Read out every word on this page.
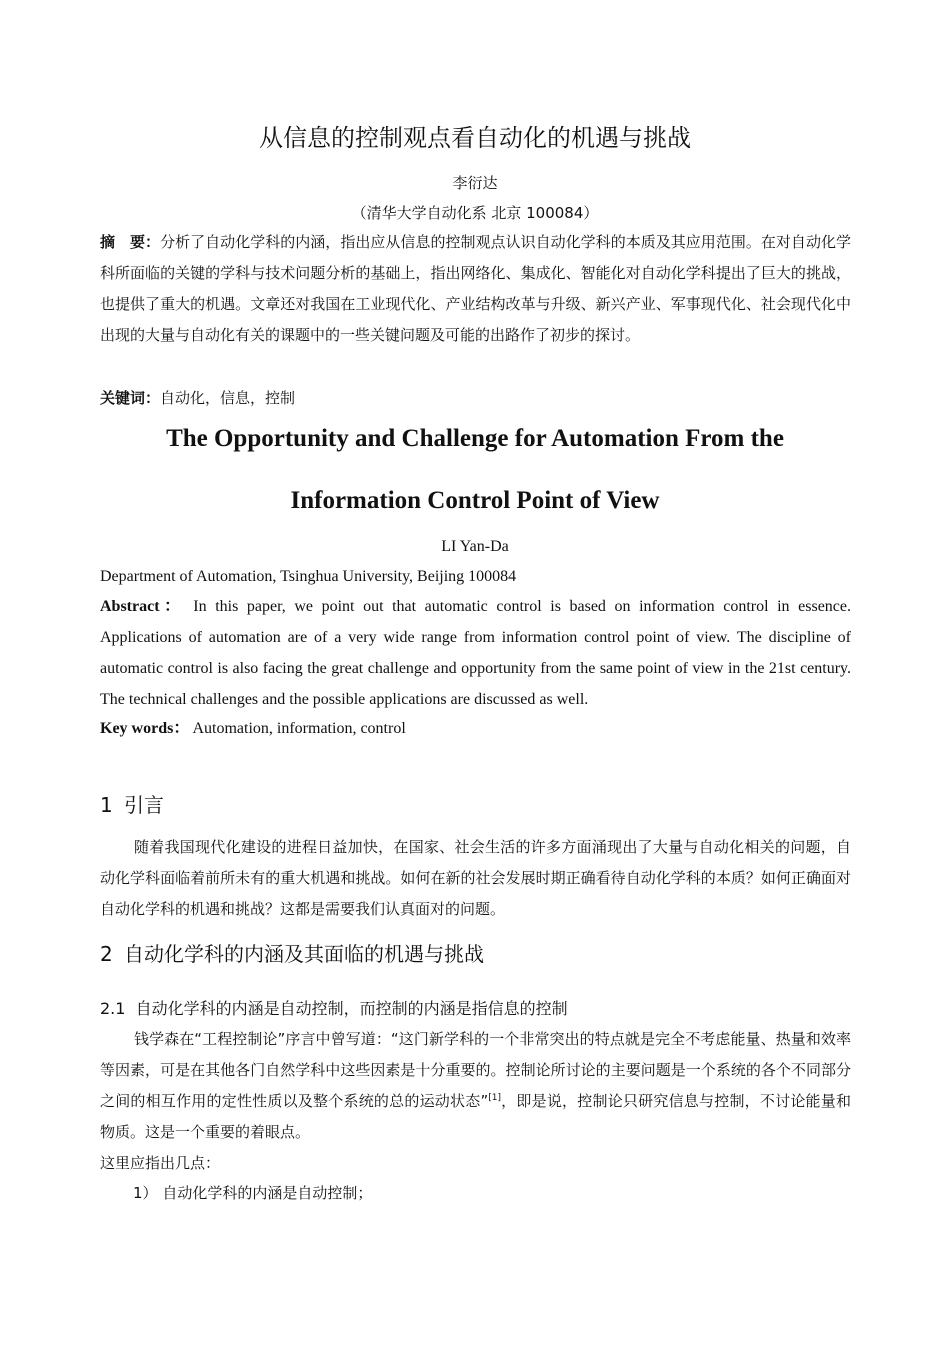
从信息的控制观点看自动化的机遇与挑战
李衍达
（清华大学自动化系 北京 100084）
摘　要：分析了自动化学科的内涵，指出应从信息的控制观点认识自动化学科的本质及其应用范围。在对自动化学科所面临的关键的学科与技术问题分析的基础上，指出网络化、集成化、智能化对自动化学科提出了巨大的挑战，也提供了重大的机遇。文章还对我国在工业现代化、产业结构改革与升级、新兴产业、军事现代化、社会现代化中出现的大量与自动化有关的课题中的一些关键问题及可能的出路作了初步的探讨。
关键词：自动化，信息，控制
The Opportunity and Challenge for Automation From the
Information Control Point of View
LI Yan-Da
Department of Automation, Tsinghua University, Beijing 100084
Abstract： In this paper, we point out that automatic control is based on information control in essence. Applications of automation are of a very wide range from information control point of view. The discipline of automatic control is also facing the great challenge and opportunity from the same point of view in the 21st century. The technical challenges and the possible applications are discussed as well.
Key words： Automation, information, control
1 引言
随着我国现代化建设的进程日益加快，在国家、社会生活的许多方面涌现出了大量与自动化相关的问题，自动化学科面临着前所未有的重大机遇和挑战。如何在新的社会发展时期正确看待自动化学科的本质？如何正确面对自动化学科的机遇和挑战？这都是需要我们认真面对的问题。
2 自动化学科的内涵及其面临的机遇与挑战
2.1 自动化学科的内涵是自动控制，而控制的内涵是指信息的控制
钱学森在“工程控制论”序言中曾写道：“这门新学科的一个非常突出的特点就是完全不考虑能量、热量和效率等因素，可是在其他各门自然学科中这些因素是十分重要的。控制论所讨论的主要问题是一个系统的各个不同部分之间的相互作用的定性性质以及整个系统的总的运动状态”[1]，即是说，控制论只研究信息与控制，不讨论能量和物质。这是一个重要的着眼点。
这里应指出几点：
1） 自动化学科的内涵是自动控制；
